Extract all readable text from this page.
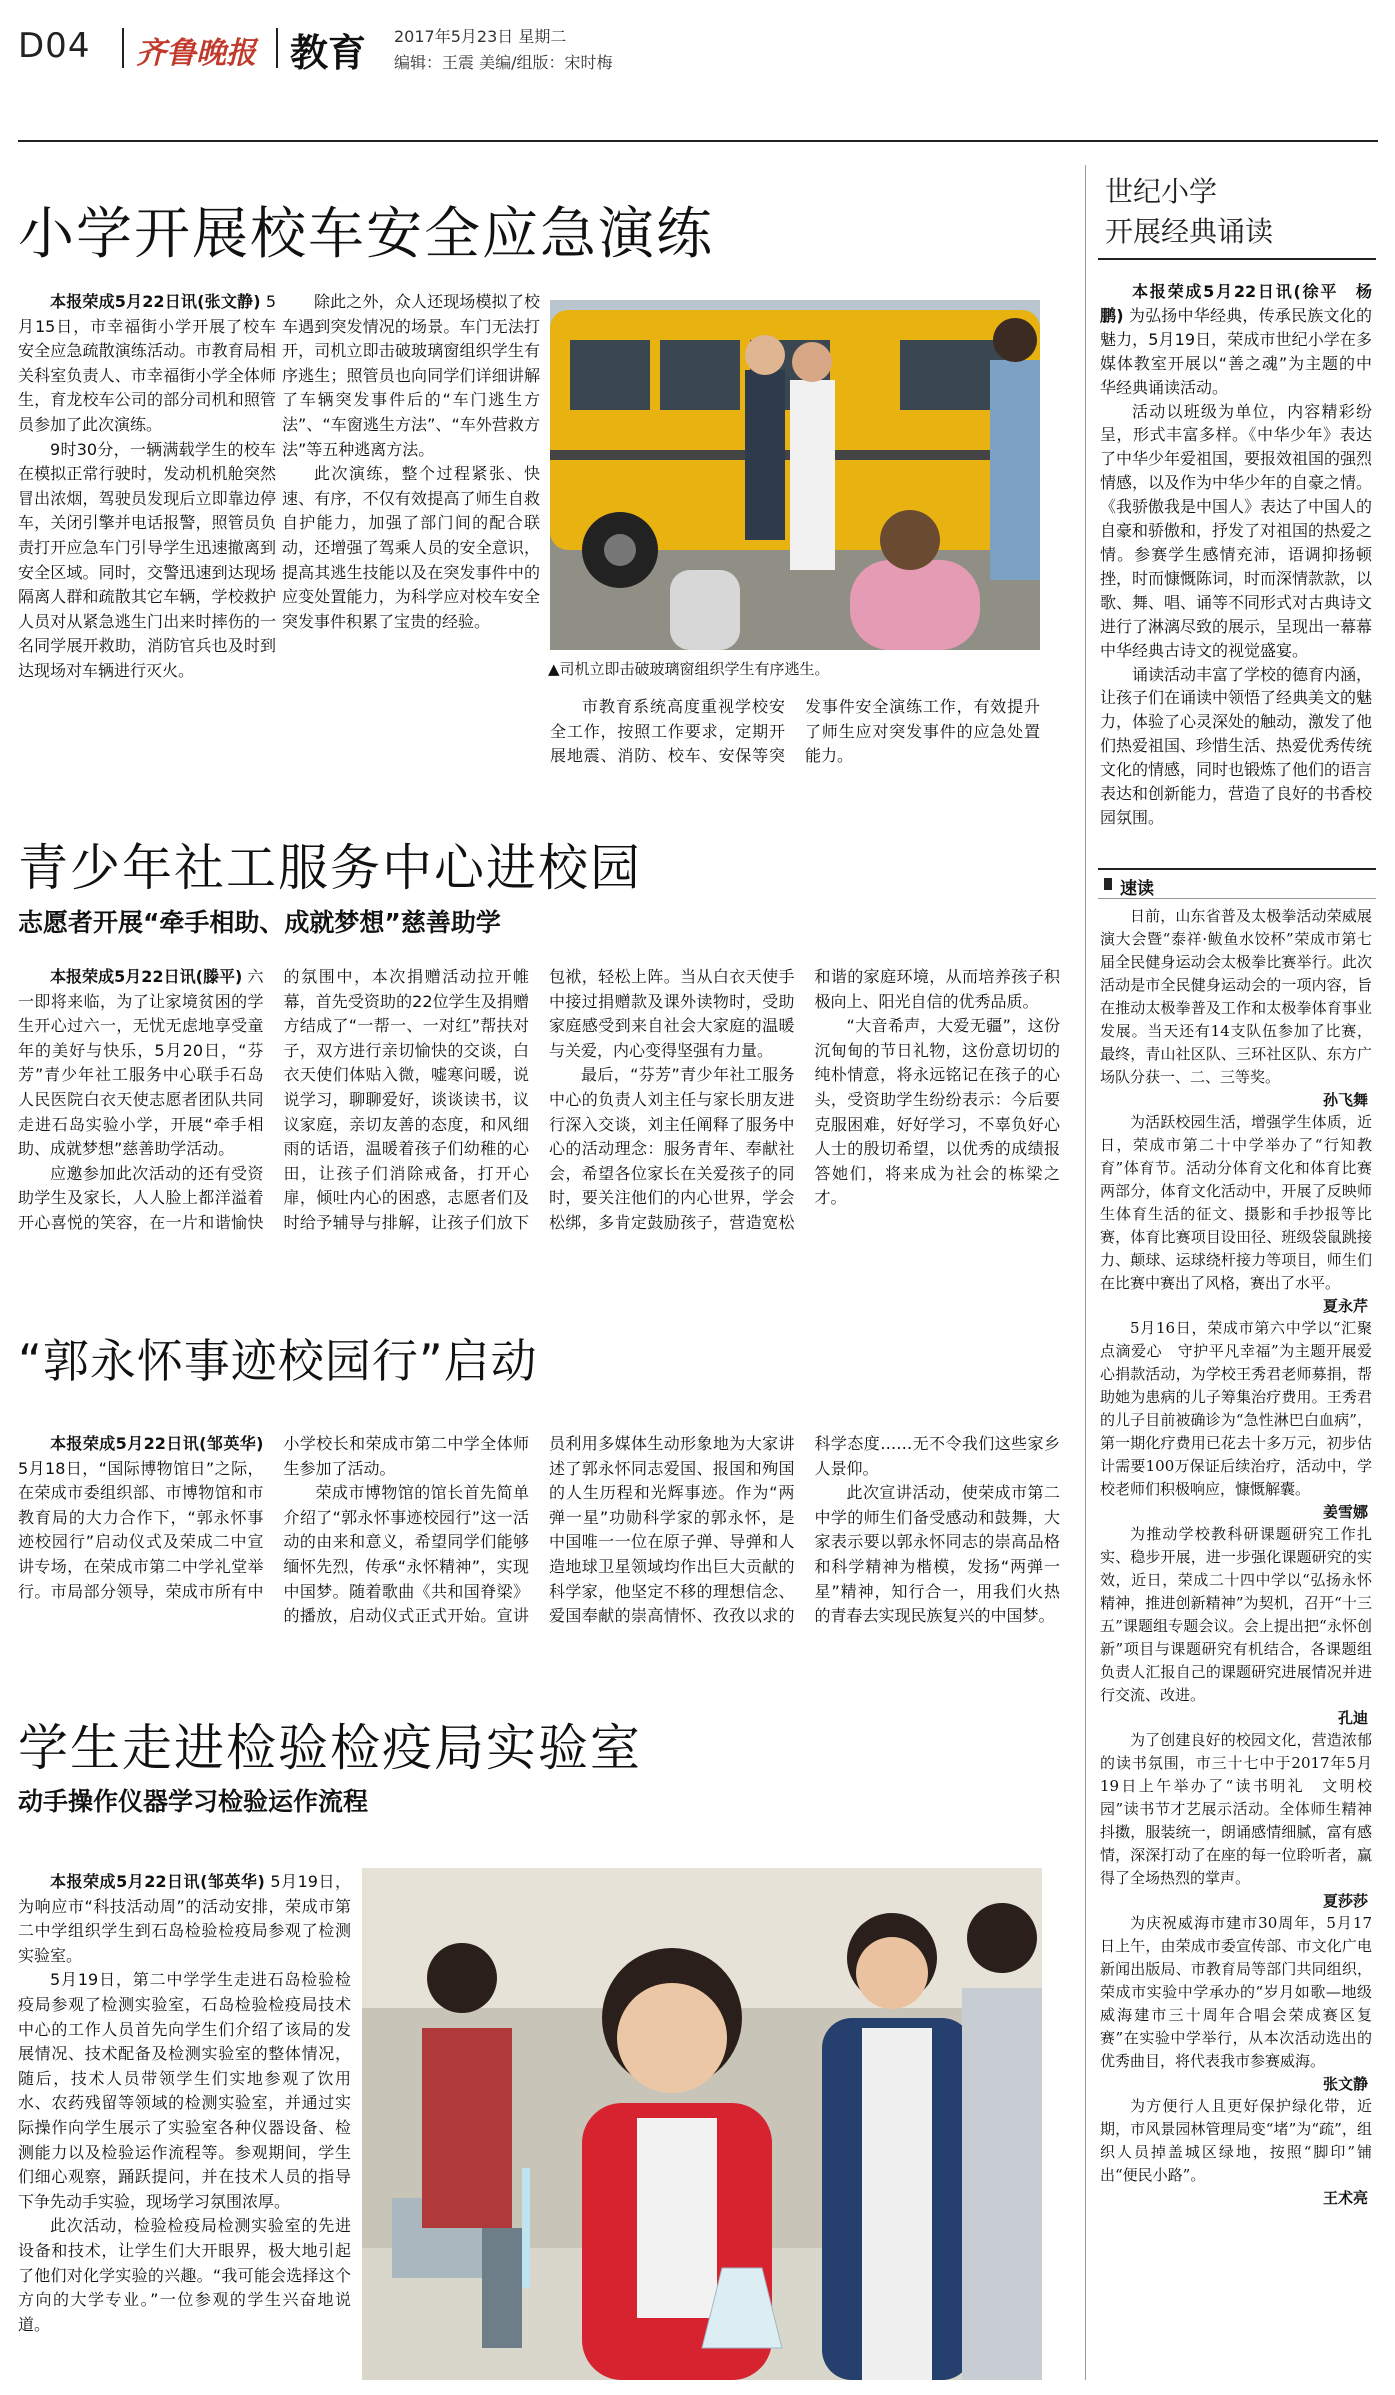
D04 齐鲁晚报 教育 2017年5月23日 星期二
编辑：王震 美编/组版：宋时梅
小学开展校车安全应急演练

本报荣成5月22日讯(张文静) 5月15日，市幸福街小学开展了校车安全应急疏散演练活动。市教育局相关科室负责人、市幸福街小学全体师生，育龙校车公司的部分司机和照管员参加了此次演练。

9时30分，一辆满载学生的校车在模拟正常行驶时，发动机机舱突然冒出浓烟，驾驶员发现后立即靠边停车，关闭引擎并电话报警，照管员负责打开应急车门引导学生迅速撤离到安全区域。同时，交警迅速到达现场隔离人群和疏散其它车辆，学校救护人员对从紧急逃生门出来时摔伤的一名同学展开救助，消防官兵也及时到达现场对车辆进行灭火。

除此之外，众人还现场模拟了校车遇到突发情况的场景。车门无法打开，司机立即击破玻璃窗组织学生有序逃生；照管员也向同学们详细讲解了车辆突发事件后的“车门逃生方法”、“车窗逃生方法”、“车外营救方法”等五种逃离方法。

此次演练，整个过程紧张、快速、有序，不仅有效提高了师生自救自护能力，加强了部门间的配合联动，还增强了驾乘人员的安全意识，提高其逃生技能以及在突发事件中的应变处置能力，为科学应对校车安全突发事件积累了宝贵的经验。

▲司机立即击破玻璃窗组织学生有序逃生。

市教育系统高度重视学校安全工作，按照工作要求，定期开展地震、消防、校车、安保等突发事件安全演练工作，有效提升了师生应对突发事件的应急处置能力。

青少年社工服务中心进校园
志愿者开展“牵手相助、成就梦想”慈善助学

本报荣成5月22日讯(滕平) 六一即将来临，为了让家境贫困的学生开心过六一，无忧无虑地享受童年的美好与快乐，5月20日，“芬芳”青少年社工服务中心联手石岛人民医院白衣天使志愿者团队共同走进石岛实验小学，开展“牵手相助、成就梦想”慈善助学活动。

应邀参加此次活动的还有受资助学生及家长，人人脸上都洋溢着开心喜悦的笑容，在一片和谐愉快的氛围中，本次捐赠活动拉开帷幕，首先受资助的22位学生及捐赠方结成了“一帮一、一对红”帮扶对子，双方进行亲切愉快的交谈，白衣天使们体贴入微，嘘寒问暖，说说学习，聊聊爱好，谈谈读书，议议家庭，亲切友善的态度，和风细雨的话语，温暖着孩子们幼稚的心田，让孩子们消除戒备，打开心扉，倾吐内心的困惑，志愿者们及时给予辅导与排解，让孩子们放下包袱，轻松上阵。当从白衣天使手中接过捐赠款及课外读物时，受助家庭感受到来自社会大家庭的温暖与关爱，内心变得坚强有力量。

最后，“芬芳”青少年社工服务中心的负责人刘主任与家长朋友进行深入交谈，刘主任阐释了服务中心的活动理念：服务青年、奉献社会，希望各位家长在关爱孩子的同时，要关注他们的内心世界，学会松绑，多肯定鼓励孩子，营造宽松和谐的家庭环境，从而培养孩子积极向上、阳光自信的优秀品质。

“大音希声，大爱无疆”，这份沉甸甸的节日礼物，这份意切切的纯朴情意，将永远铭记在孩子的心头，受资助学生纷纷表示：今后要克服困难，好好学习，不辜负好心人士的殷切希望，以优秀的成绩报答她们，将来成为社会的栋梁之才。

“郭永怀事迹校园行”启动

本报荣成5月22日讯(邹英华) 5月18日，“国际博物馆日”之际，在荣成市委组织部、市博物馆和市教育局的大力合作下，“郭永怀事迹校园行”启动仪式及荣成二中宣讲专场，在荣成市第二中学礼堂举行。市局部分领导，荣成市所有中小学校长和荣成市第二中学全体师生参加了活动。

荣成市博物馆的馆长首先简单介绍了“郭永怀事迹校园行”这一活动的由来和意义，希望同学们能够缅怀先烈，传承“永怀精神”，实现中国梦。随着歌曲《共和国脊梁》的播放，启动仪式正式开始。宣讲员利用多媒体生动形象地为大家讲述了郭永怀同志爱国、报国和殉国的人生历程和光辉事迹。作为“两弹一星”功勋科学家的郭永怀，是中国唯一一位在原子弹、导弹和人造地球卫星领域均作出巨大贡献的科学家，他坚定不移的理想信念、爱国奉献的崇高情怀、孜孜以求的科学态度……无不令我们这些家乡人景仰。

此次宣讲活动，使荣成市第二中学的师生们备受感动和鼓舞，大家表示要以郭永怀同志的崇高品格和科学精神为楷模，发扬“两弹一星”精神，知行合一，用我们火热的青春去实现民族复兴的中国梦。

学生走进检验检疫局实验室
动手操作仪器学习检验运作流程

本报荣成5月22日讯(邹英华) 5月19日，为响应市“科技活动周”的活动安排，荣成市第二中学组织学生到石岛检验检疫局参观了检测实验室。

5月19日，第二中学学生走进石岛检验检疫局参观了检测实验室，石岛检验检疫局技术中心的工作人员首先向学生们介绍了该局的发展情况、技术配备及检测实验室的整体情况，随后，技术人员带领学生们实地参观了饮用水、农药残留等领域的检测实验室，并通过实际操作向学生展示了实验室各种仪器设备、检测能力以及检验运作流程等。参观期间，学生们细心观察，踊跃提问，并在技术人员的指导下争先动手实验，现场学习氛围浓厚。

此次活动，检验检疫局检测实验室的先进设备和技术，让学生们大开眼界，极大地引起了他们对化学实验的兴趣。“我可能会选择这个方向的大学专业。”一位参观的学生兴奋地说道。

世纪小学
开展经典诵读

本报荣成5月22日讯(徐平　杨鹏) 为弘扬中华经典，传承民族文化的魅力，5月19日，荣成市世纪小学在多媒体教室开展以“善之魂”为主题的中华经典诵读活动。

活动以班级为单位，内容精彩纷呈，形式丰富多样。《中华少年》表达了中华少年爱祖国，要报效祖国的强烈情感，以及作为中华少年的自豪之情。《我骄傲我是中国人》表达了中国人的自豪和骄傲和，抒发了对祖国的热爱之情。参赛学生感情充沛，语调抑扬顿挫，时而慷慨陈词，时而深情款款，以歌、舞、唱、诵等不同形式对古典诗文进行了淋漓尽致的展示，呈现出一幕幕中华经典古诗文的视觉盛宴。

诵读活动丰富了学校的德育内涵，让孩子们在诵读中领悟了经典美文的魅力，体验了心灵深处的触动，激发了他们热爱祖国、珍惜生活、热爱优秀传统文化的情感，同时也锻炼了他们的语言表达和创新能力，营造了良好的书香校园氛围。

速读

日前，山东省普及太极拳活动荣威展演大会暨“泰祥·鲅鱼水饺杯”荣成市第七届全民健身运动会太极拳比赛举行。此次活动是市全民健身运动会的一项内容，旨在推动太极拳普及工作和太极拳体育事业发展。当天还有14支队伍参加了比赛，最终，青山社区队、三环社区队、东方广场队分获一、二、三等奖。

孙飞舞

为活跃校园生活，增强学生体质，近日，荣成市第二十中学举办了“行知教育”体育节。活动分体育文化和体育比赛两部分，体育文化活动中，开展了反映师生体育生活的征文、摄影和手抄报等比赛，体育比赛项目设田径、班级袋鼠跳接力、颠球、运球绕杆接力等项目，师生们在比赛中赛出了风格，赛出了水平。

夏永芹

5月16日，荣成市第六中学以“汇聚点滴爱心　守护平凡幸福”为主题开展爱心捐款活动，为学校王秀君老师募捐，帮助她为患病的儿子筹集治疗费用。王秀君的儿子目前被确诊为“急性淋巴白血病”，第一期化疗费用已花去十多万元，初步估计需要100万保证后续治疗，活动中，学校老师们积极响应，慷慨解囊。

姜雪娜

为推动学校教科研课题研究工作扎实、稳步开展，进一步强化课题研究的实效，近日，荣成二十四中学以“弘扬永怀精神，推进创新精神”为契机，召开“十三五”课题组专题会议。会上提出把“永怀创新”项目与课题研究有机结合，各课题组负责人汇报自己的课题研究进展情况并进行交流、改进。

孔迪

为了创建良好的校园文化，营造浓郁的读书氛围，市三十七中于2017年5月19日上午举办了“读书明礼　文明校园”读书节才艺展示活动。全体师生精神抖擞，服装统一，朗诵感情细腻，富有感情，深深打动了在座的每一位聆听者，赢得了全场热烈的掌声。

夏莎莎

为庆祝威海市建市30周年，5月17日上午，由荣成市委宣传部、市文化广电新闻出版局、市教育局等部门共同组织，荣成市实验中学承办的“岁月如歌—地级威海建市三十周年合唱会荣成赛区复赛”在实验中学举行，从本次活动选出的优秀曲目，将代表我市参赛威海。

张文静

为方便行人且更好保护绿化带，近期，市风景园林管理局变“堵”为“疏”，组织人员掉盖城区绿地，按照“脚印”铺出“便民小路”。

王术亮
